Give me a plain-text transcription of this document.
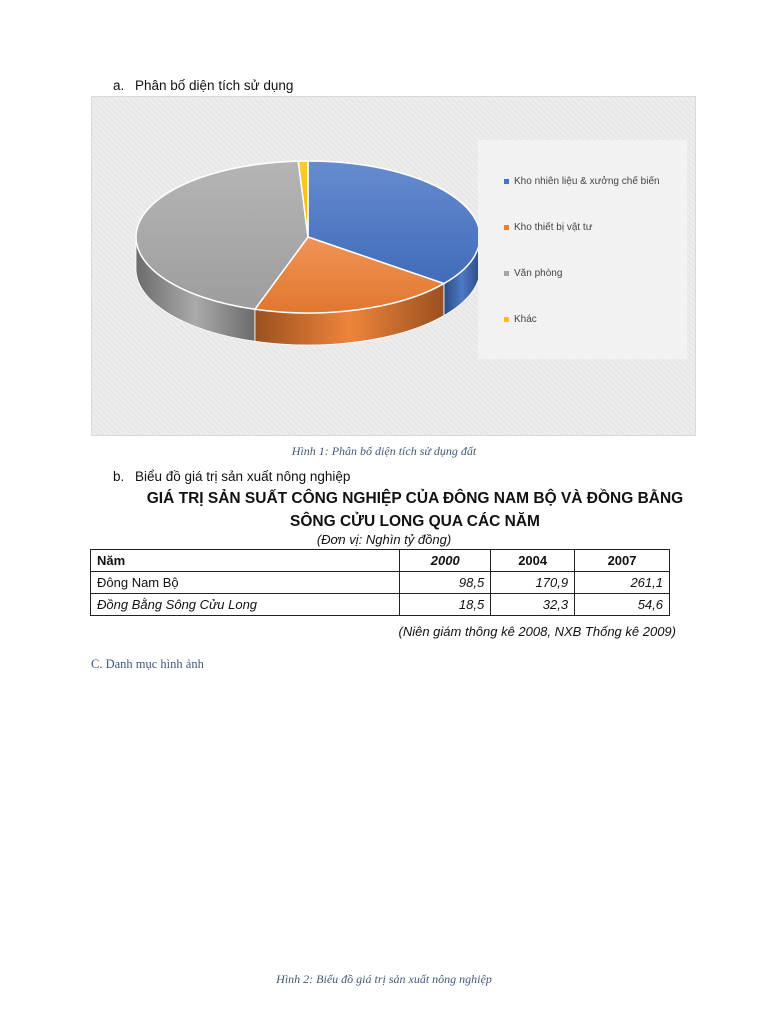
a. Phân bố diện tích sử dụng
Kho nhiên liệu & xưởng chế biến
Kho thiết bị vật tư
Văn phòng
Khác
Hình 1: Phân bố diện tích sử dụng đất
b. Biểu đồ giá trị sản xuất nông nghiệp
GIÁ TRỊ SẢN SUẤT CÔNG NGHIỆP CỦA ĐÔNG NAM BỘ VÀ ĐỒNG BẰNG
SÔNG CỬU LONG QUA CÁC NĂM
(Đơn vị: Nghìn tỷ đồng)
Năm	2000	2004	2007
Đông Nam Bộ	98,5	170,9	261,1
Đồng Bằng Sông Cửu Long	18,5	32,3	54,6
(Niên giám thông kê 2008, NXB Thống kê 2009)
C. Danh mục hình ảnh
Hình 2: Biểu đồ giá trị sản xuất nông nghiệp
